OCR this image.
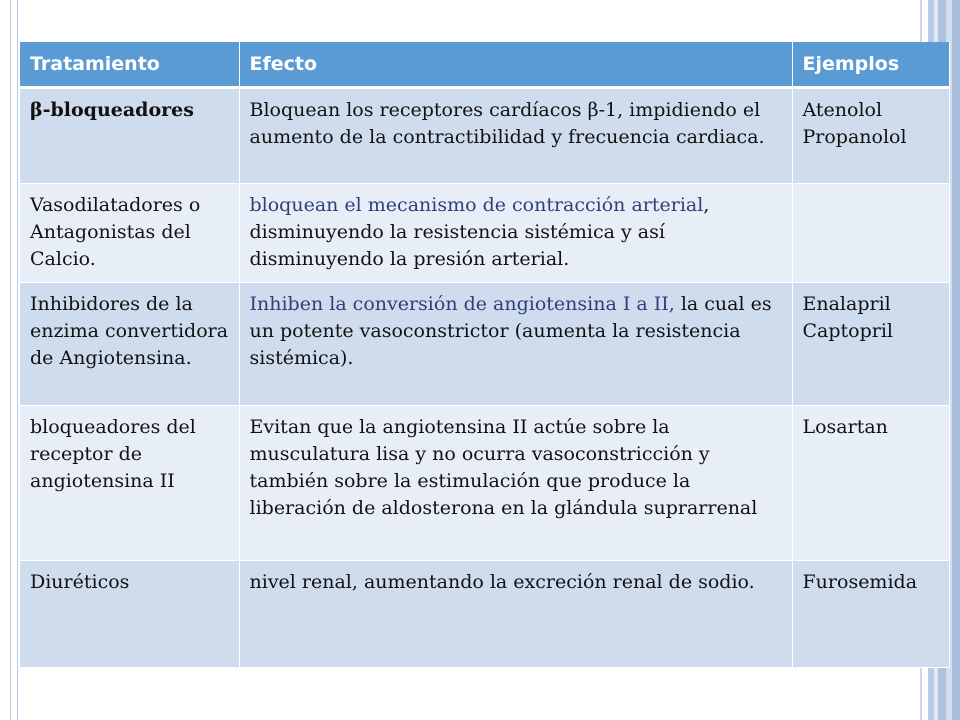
Tratamiento	Efecto	Ejemplos
β-bloqueadores	Bloquean los receptores cardíacos β-1, impidiendo el aumento de la contractibilidad y frecuencia cardiaca.	Atenolol
Propanolol

Vasodilatadores o Antagonistas del Calcio.	bloquean el mecanismo de contracción arterial, disminuyendo la resistencia sistémica y así disminuyendo la presión arterial.	
Inhibidores de la enzima convertidora de Angiotensina.	Inhiben la conversión de angiotensina I a II, la cual es un potente vasoconstrictor (aumenta la resistencia sistémica).	Enalapril
Captopril

bloqueadores del receptor de angiotensina II	Evitan que la angiotensina II actúe sobre la musculatura lisa y no ocurra vasoconstricción y también sobre la estimulación que produce la liberación de aldosterona en la glándula suprarrenal	Losartan

Diuréticos	nivel renal, aumentando la excreción renal de sodio.	Furosemida
